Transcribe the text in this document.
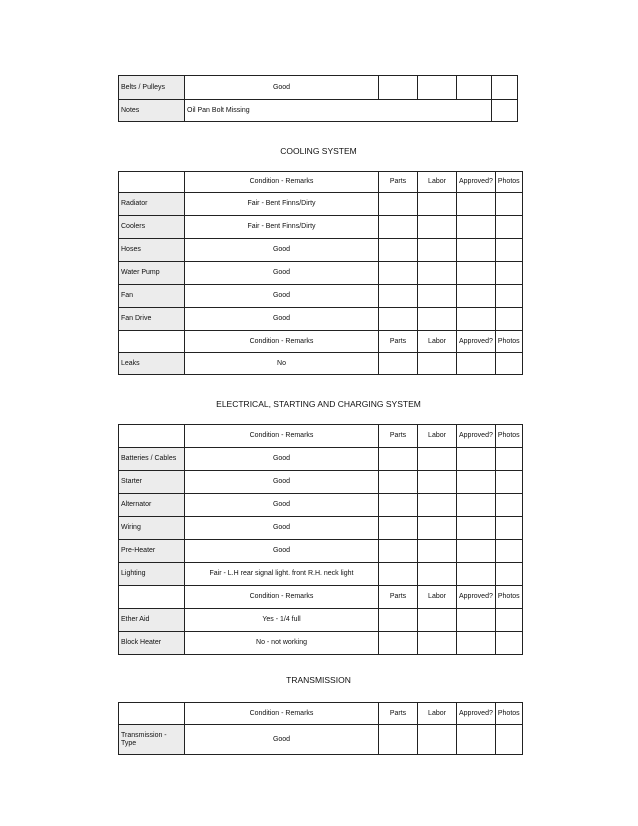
Belts / Pulleys	Good				
Notes	Oil Pan Bolt Missing				
COOLING SYSTEM
	Condition - Remarks	Parts	Labor	Approved?	Photos
Radiator	Fair - Bent Finns/Dirty				
Coolers	Fair - Bent Finns/Dirty				
Hoses	Good				
Water Pump	Good				
Fan	Good				
Fan Drive	Good				
	Condition - Remarks	Parts	Labor	Approved?	Photos
Leaks	No				
ELECTRICAL, STARTING AND CHARGING SYSTEM
	Condition - Remarks	Parts	Labor	Approved?	Photos
Batteries / Cables	Good				
Starter	Good				
Alternator	Good				
Wiring	Good				
Pre-Heater	Good				
Lighting	Fair - L.H rear signal light. front R.H. neck light				
	Condition - Remarks	Parts	Labor	Approved?	Photos
Ether Aid	Yes - 1/4 full				
Block Heater	No - not working				
TRANSMISSION
	Condition - Remarks	Parts	Labor	Approved?	Photos
Transmission - Type	Good				
